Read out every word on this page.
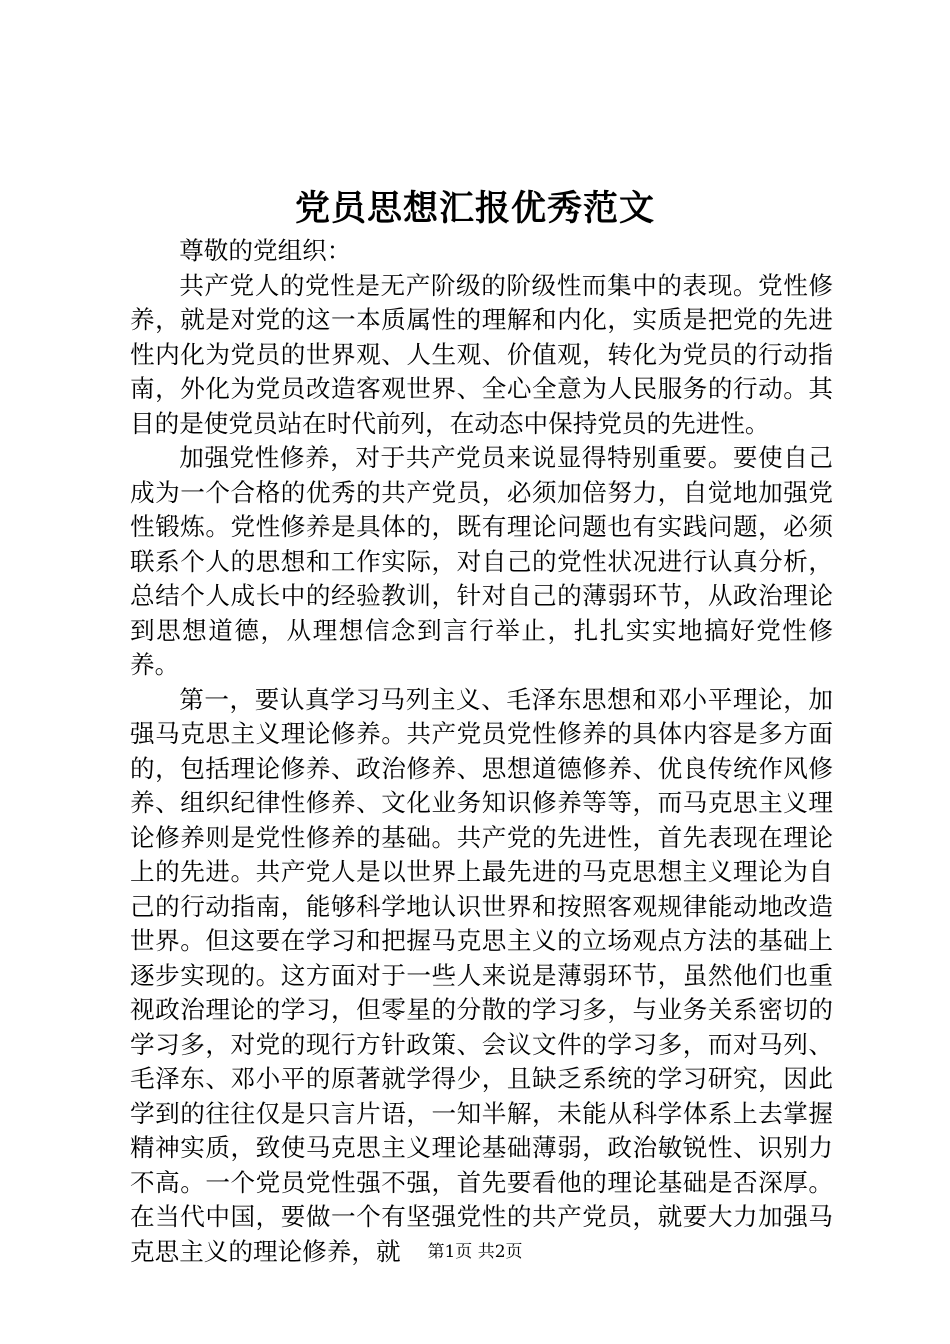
党员思想汇报优秀范文

尊敬的党组织：

共产党人的党性是无产阶级的阶级性而集中的表现。党性修养，就是对党的这一本质属性的理解和内化，实质是把党的先进性内化为党员的世界观、人生观、价值观，转化为党员的行动指南，外化为党员改造客观世界、全心全意为人民服务的行动。其目的是使党员站在时代前列，在动态中保持党员的先进性。

加强党性修养，对于共产党员来说显得特别重要。要使自己成为一个合格的优秀的共产党员，必须加倍努力，自觉地加强党性锻炼。党性修养是具体的，既有理论问题也有实践问题，必须联系个人的思想和工作实际，对自己的党性状况进行认真分析，总结个人成长中的经验教训，针对自己的薄弱环节，从政治理论到思想道德，从理想信念到言行举止，扎扎实实地搞好党性修养。

第一，要认真学习马列主义、毛泽东思想和邓小平理论，加强马克思主义理论修养。共产党员党性修养的具体内容是多方面的，包括理论修养、政治修养、思想道德修养、优良传统作风修养、组织纪律性修养、文化业务知识修养等等，而马克思主义理论修养则是党性修养的基础。共产党的先进性，首先表现在理论上的先进。共产党人是以世界上最先进的马克思想主义理论为自己的行动指南，能够科学地认识世界和按照客观规律能动地改造世界。但这要在学习和把握马克思主义的立场观点方法的基础上逐步实现的。这方面对于一些人来说是薄弱环节，虽然他们也重视政治理论的学习，但零星的分散的学习多，与业务关系密切的学习多，对党的现行方针政策、会议文件的学习多，而对马列、毛泽东、邓小平的原著就学得少，且缺乏系统的学习研究，因此学到的往往仅是只言片语，一知半解，未能从科学体系上去掌握精神实质，致使马克思主义理论基础薄弱，政治敏锐性、识别力不高。一个党员党性强不强，首先要看他的理论基础是否深厚。在当代中国，要做一个有坚强党性的共产党员，就要大力加强马克思主义的理论修养，就	第1页 共2页
